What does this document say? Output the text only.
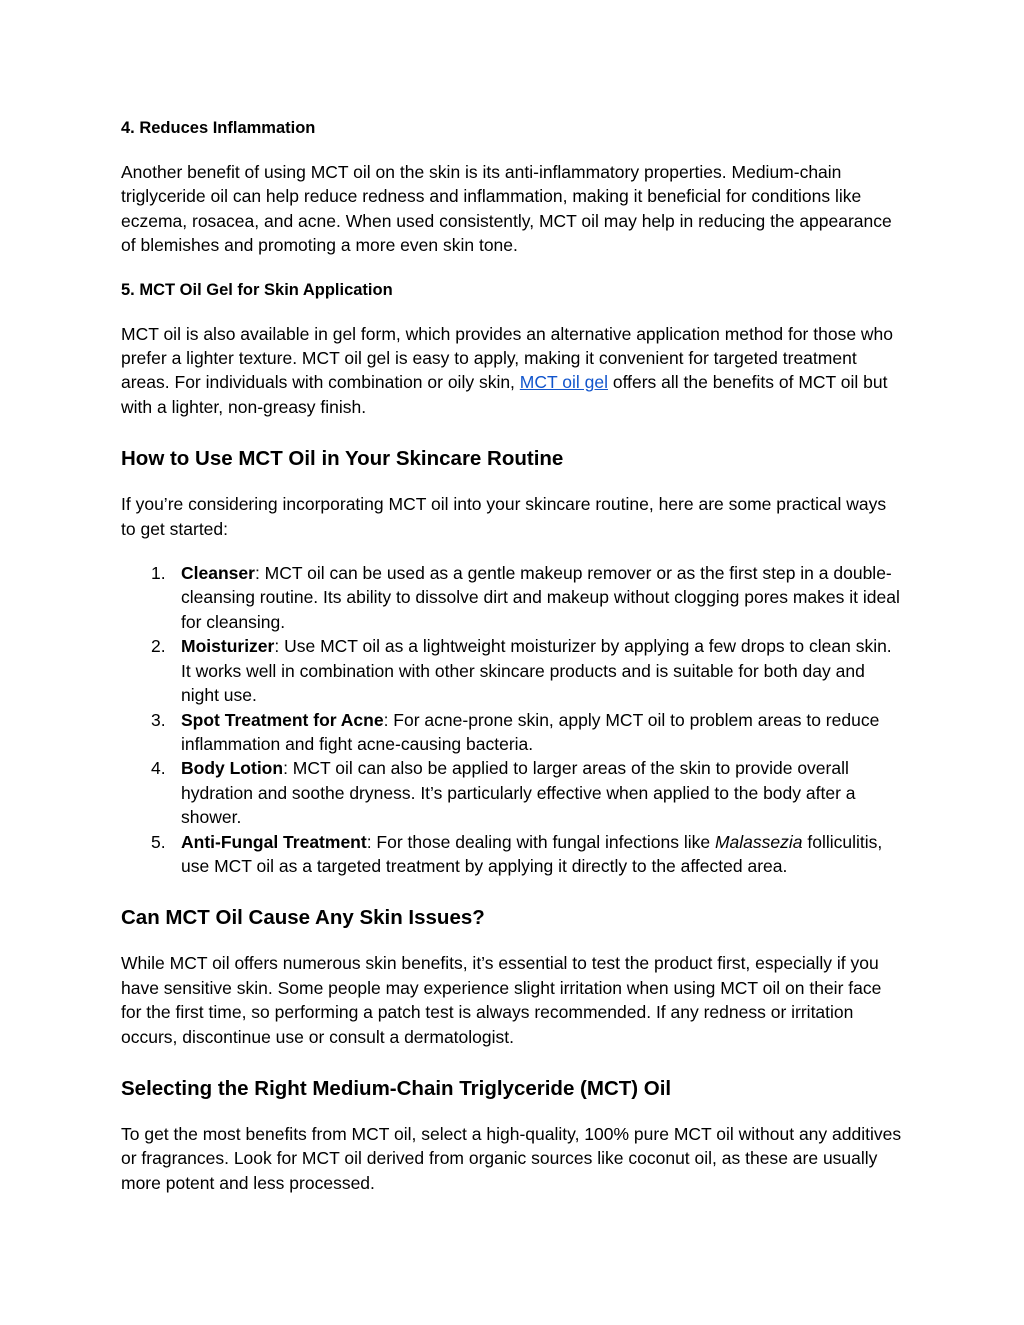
4. Reduces Inflammation

Another benefit of using MCT oil on the skin is its anti-inflammatory properties. Medium-chain triglyceride oil can help reduce redness and inflammation, making it beneficial for conditions like eczema, rosacea, and acne. When used consistently, MCT oil may help in reducing the appearance of blemishes and promoting a more even skin tone.

5. MCT Oil Gel for Skin Application

MCT oil is also available in gel form, which provides an alternative application method for those who prefer a lighter texture. MCT oil gel is easy to apply, making it convenient for targeted treatment areas. For individuals with combination or oily skin, MCT oil gel offers all the benefits of MCT oil but with a lighter, non-greasy finish.

How to Use MCT Oil in Your Skincare Routine

If you’re considering incorporating MCT oil into your skincare routine, here are some practical ways to get started:

1. Cleanser: MCT oil can be used as a gentle makeup remover or as the first step in a double-cleansing routine. Its ability to dissolve dirt and makeup without clogging pores makes it ideal for cleansing.
2. Moisturizer: Use MCT oil as a lightweight moisturizer by applying a few drops to clean skin. It works well in combination with other skincare products and is suitable for both day and night use.
3. Spot Treatment for Acne: For acne-prone skin, apply MCT oil to problem areas to reduce inflammation and fight acne-causing bacteria.
4. Body Lotion: MCT oil can also be applied to larger areas of the skin to provide overall hydration and soothe dryness. It’s particularly effective when applied to the body after a shower.
5. Anti-Fungal Treatment: For those dealing with fungal infections like Malassezia folliculitis, use MCT oil as a targeted treatment by applying it directly to the affected area.
Can MCT Oil Cause Any Skin Issues?

While MCT oil offers numerous skin benefits, it’s essential to test the product first, especially if you have sensitive skin. Some people may experience slight irritation when using MCT oil on their face for the first time, so performing a patch test is always recommended. If any redness or irritation occurs, discontinue use or consult a dermatologist.

Selecting the Right Medium-Chain Triglyceride (MCT) Oil

To get the most benefits from MCT oil, select a high-quality, 100% pure MCT oil without any additives or fragrances. Look for MCT oil derived from organic sources like coconut oil, as these are usually more potent and less processed.
